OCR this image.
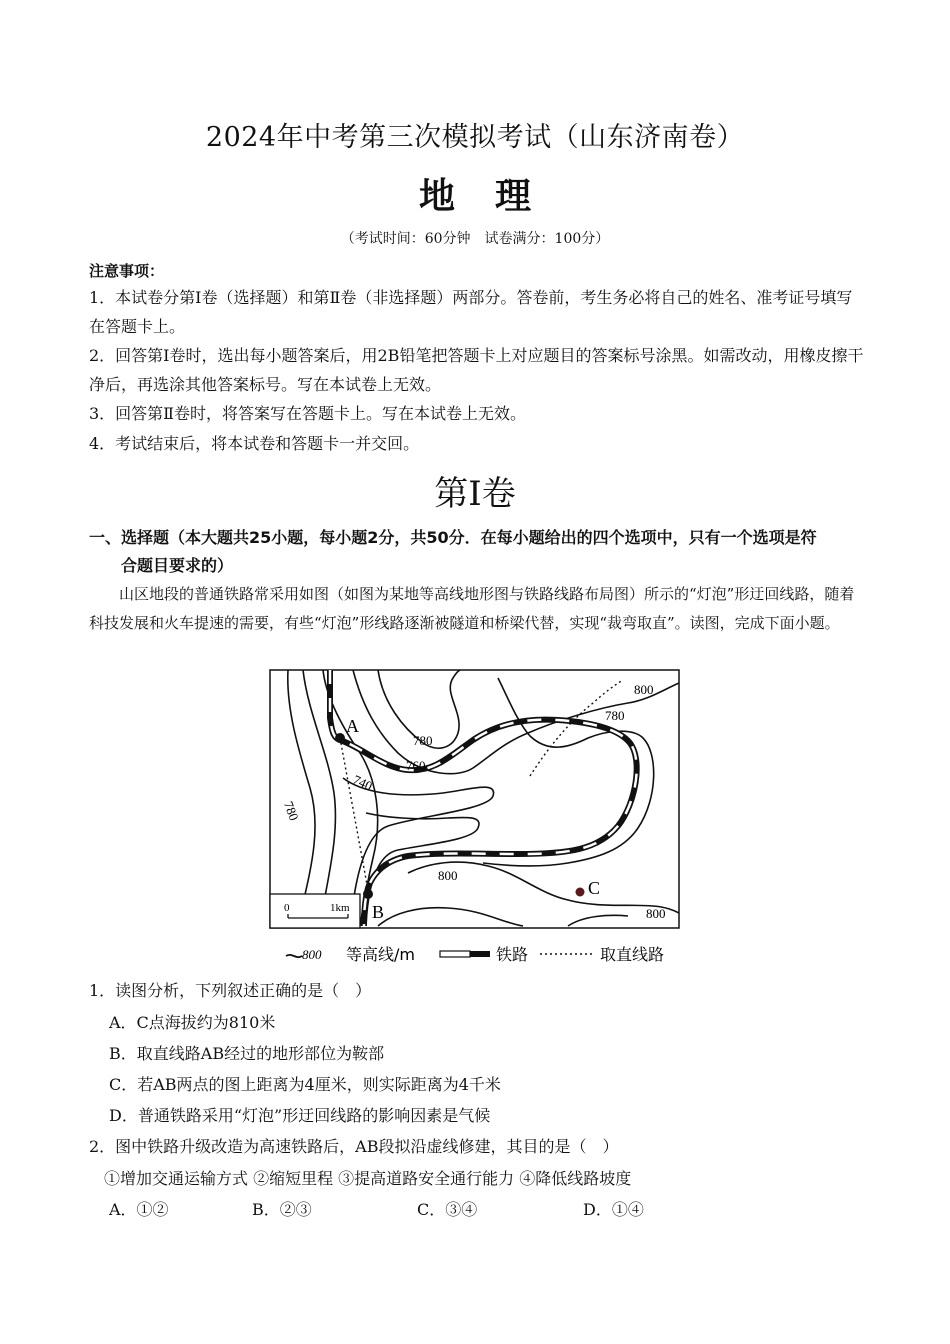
2024年中考第三次模拟考试（山东济南卷）
地理
（考试时间：60分钟　试卷满分：100分）
注意事项：
1．本试卷分第Ⅰ卷（选择题）和第Ⅱ卷（非选择题）两部分。答卷前，考生务必将自己的姓名、准考证号填写在答题卡上。
2．回答第Ⅰ卷时，选出每小题答案后，用2B铅笔把答题卡上对应题目的答案标号涂黑。如需改动，用橡皮擦干净后，再选涂其他答案标号。写在本试卷上无效。
3．回答第Ⅱ卷时，将答案写在答题卡上。写在本试卷上无效。
4．考试结束后，将本试卷和答题卡一并交回。
第Ⅰ卷
一、选择题（本大题共25小题，每小题2分，共50分．在每小题给出的四个选项中，只有一个选项是符
合题目要求的）
山区地段的普通铁路常采用如图（如图为某地等高线地形图与铁路线路布局图）所示的“灯泡”形迂回线路，随着科技发展和火车提速的需要，有些“灯泡”形线路逐渐被隧道和桥梁代替，实现“裁弯取直”。读图，完成下面小题。
A
B
C
780
780
780
760
740
800
800
800
0	1km
800 等高线/m	铁路	取直线路
1．读图分析，下列叙述正确的是（　）
A．C点海拔约为810米
B．取直线路AB经过的地形部位为鞍部
C．若AB两点的图上距离为4厘米，则实际距离为4千米
D．普通铁路采用“灯泡”形迂回线路的影响因素是气候
2．图中铁路升级改造为高速铁路后，AB段拟沿虚线修建，其目的是（　）
①增加交通运输方式 ②缩短里程 ③提高道路安全通行能力 ④降低线路坡度
A．①②	B．②③	C．③④	D．①④
